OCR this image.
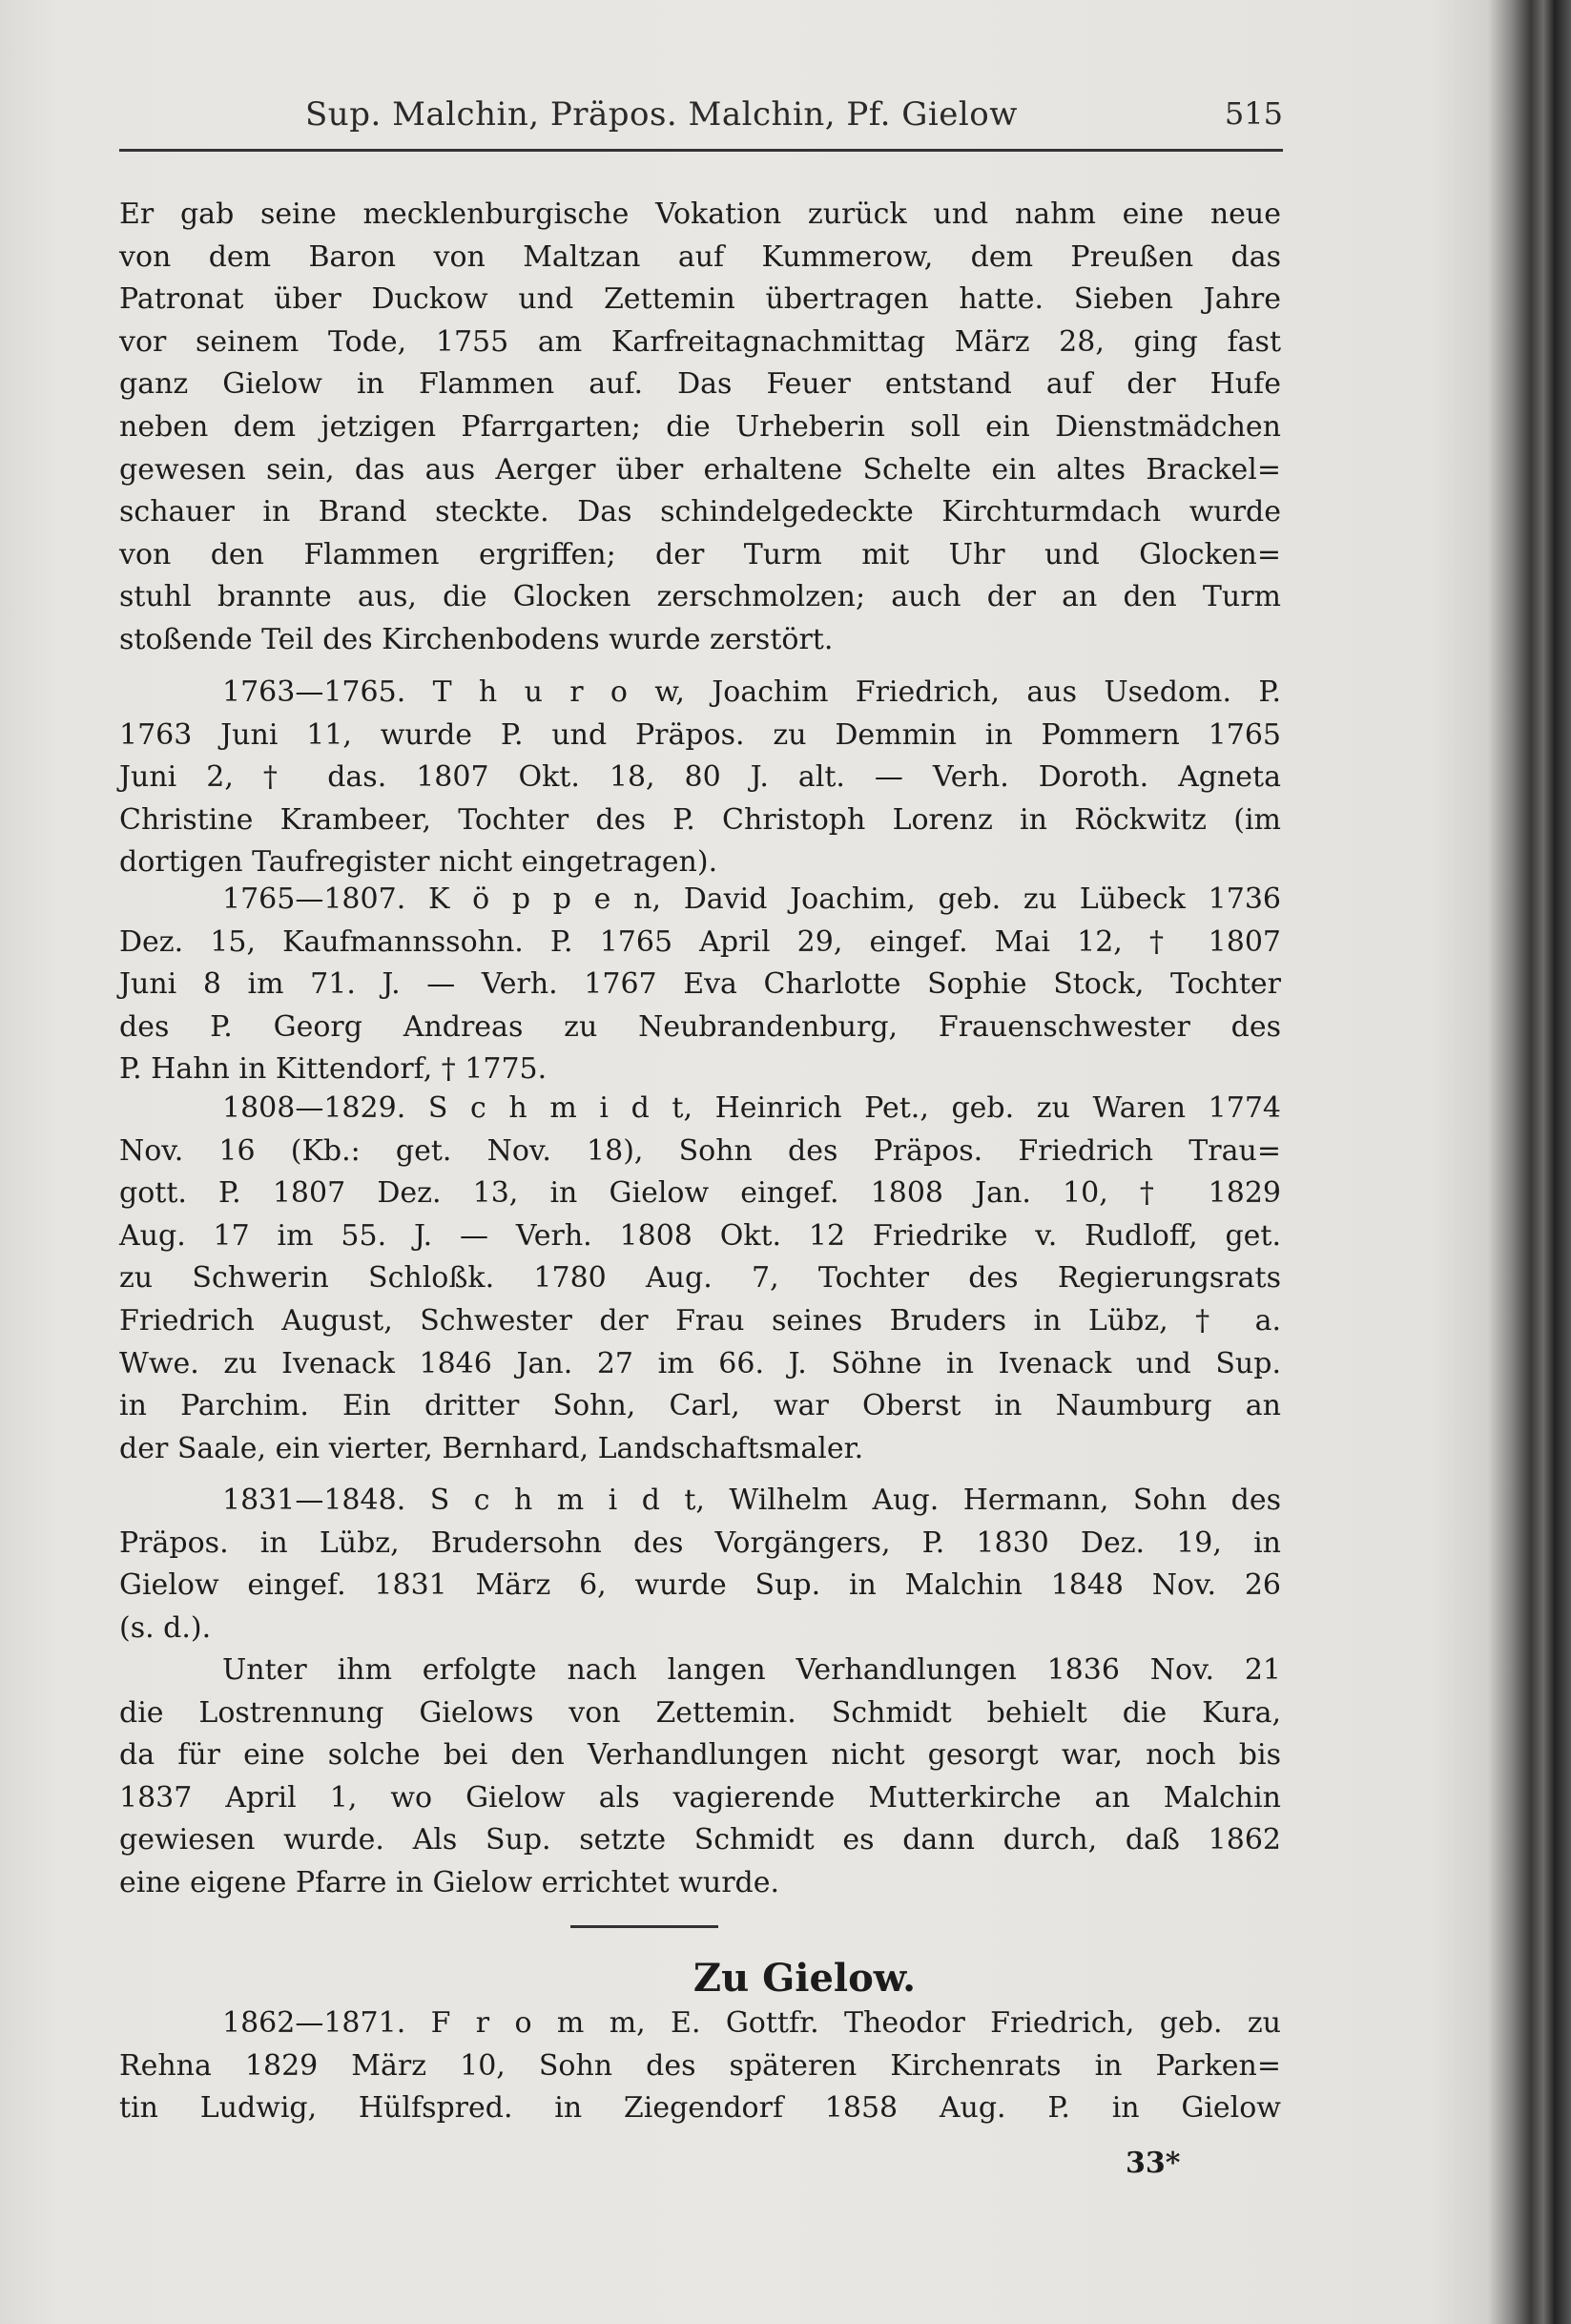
Sup. Malchin, Präpos. Malchin, Pf. Gielow	515
Er gab seine mecklenburgische Vokation zurück und nahm eine neue
von dem Baron von Maltzan auf Kummerow, dem Preußen das
Patronat über Duckow und Zettemin übertragen hatte. Sieben Jahre
vor seinem Tode, 1755 am Karfreitagnachmittag März 28, ging fast
ganz Gielow in Flammen auf. Das Feuer entstand auf der Hufe
neben dem jetzigen Pfarrgarten; die Urheberin soll ein Dienstmädchen
gewesen sein, das aus Aerger über erhaltene Schelte ein altes Brackel=
schauer in Brand steckte. Das schindelgedeckte Kirchturmdach wurde
von den Flammen ergriffen; der Turm mit Uhr und Glocken=
stuhl brannte aus, die Glocken zerschmolzen; auch der an den Turm
stoßende Teil des Kirchenbodens wurde zerstört.
1763—1765. T h u r o w, Joachim Friedrich, aus Usedom. P.
1763 Juni 11, wurde P. und Präpos. zu Demmin in Pommern 1765
Juni 2, † das. 1807 Okt. 18, 80 J. alt. — Verh. Doroth. Agneta
Christine Krambeer, Tochter des P. Christoph Lorenz in Röckwitz (im
dortigen Taufregister nicht eingetragen).
1765—1807. K ö p p e n, David Joachim, geb. zu Lübeck 1736
Dez. 15, Kaufmannssohn. P. 1765 April 29, eingef. Mai 12, † 1807
Juni 8 im 71. J. — Verh. 1767 Eva Charlotte Sophie Stock, Tochter
des P. Georg Andreas zu Neubrandenburg, Frauenschwester des
P. Hahn in Kittendorf, † 1775.
1808—1829. S c h m i d t, Heinrich Pet., geb. zu Waren 1774
Nov. 16 (Kb.: get. Nov. 18), Sohn des Präpos. Friedrich Trau=
gott. P. 1807 Dez. 13, in Gielow eingef. 1808 Jan. 10, † 1829
Aug. 17 im 55. J. — Verh. 1808 Okt. 12 Friedrike v. Rudloff, get.
zu Schwerin Schloßk. 1780 Aug. 7, Tochter des Regierungsrats
Friedrich August, Schwester der Frau seines Bruders in Lübz, † a.
Wwe. zu Ivenack 1846 Jan. 27 im 66. J. Söhne in Ivenack und Sup.
in Parchim. Ein dritter Sohn, Carl, war Oberst in Naumburg an
der Saale, ein vierter, Bernhard, Landschaftsmaler.
1831—1848. S c h m i d t, Wilhelm Aug. Hermann, Sohn des
Präpos. in Lübz, Brudersohn des Vorgängers, P. 1830 Dez. 19, in
Gielow eingef. 1831 März 6, wurde Sup. in Malchin 1848 Nov. 26
(s. d.).
Unter ihm erfolgte nach langen Verhandlungen 1836 Nov. 21
die Lostrennung Gielows von Zettemin. Schmidt behielt die Kura,
da für eine solche bei den Verhandlungen nicht gesorgt war, noch bis
1837 April 1, wo Gielow als vagierende Mutterkirche an Malchin
gewiesen wurde. Als Sup. setzte Schmidt es dann durch, daß 1862
eine eigene Pfarre in Gielow errichtet wurde.
Zu Gielow.
1862—1871. F r o m m, E. Gottfr. Theodor Friedrich, geb. zu
Rehna 1829 März 10, Sohn des späteren Kirchenrats in Parken=
tin Ludwig, Hülfspred. in Ziegendorf 1858 Aug. P. in Gielow
33*
